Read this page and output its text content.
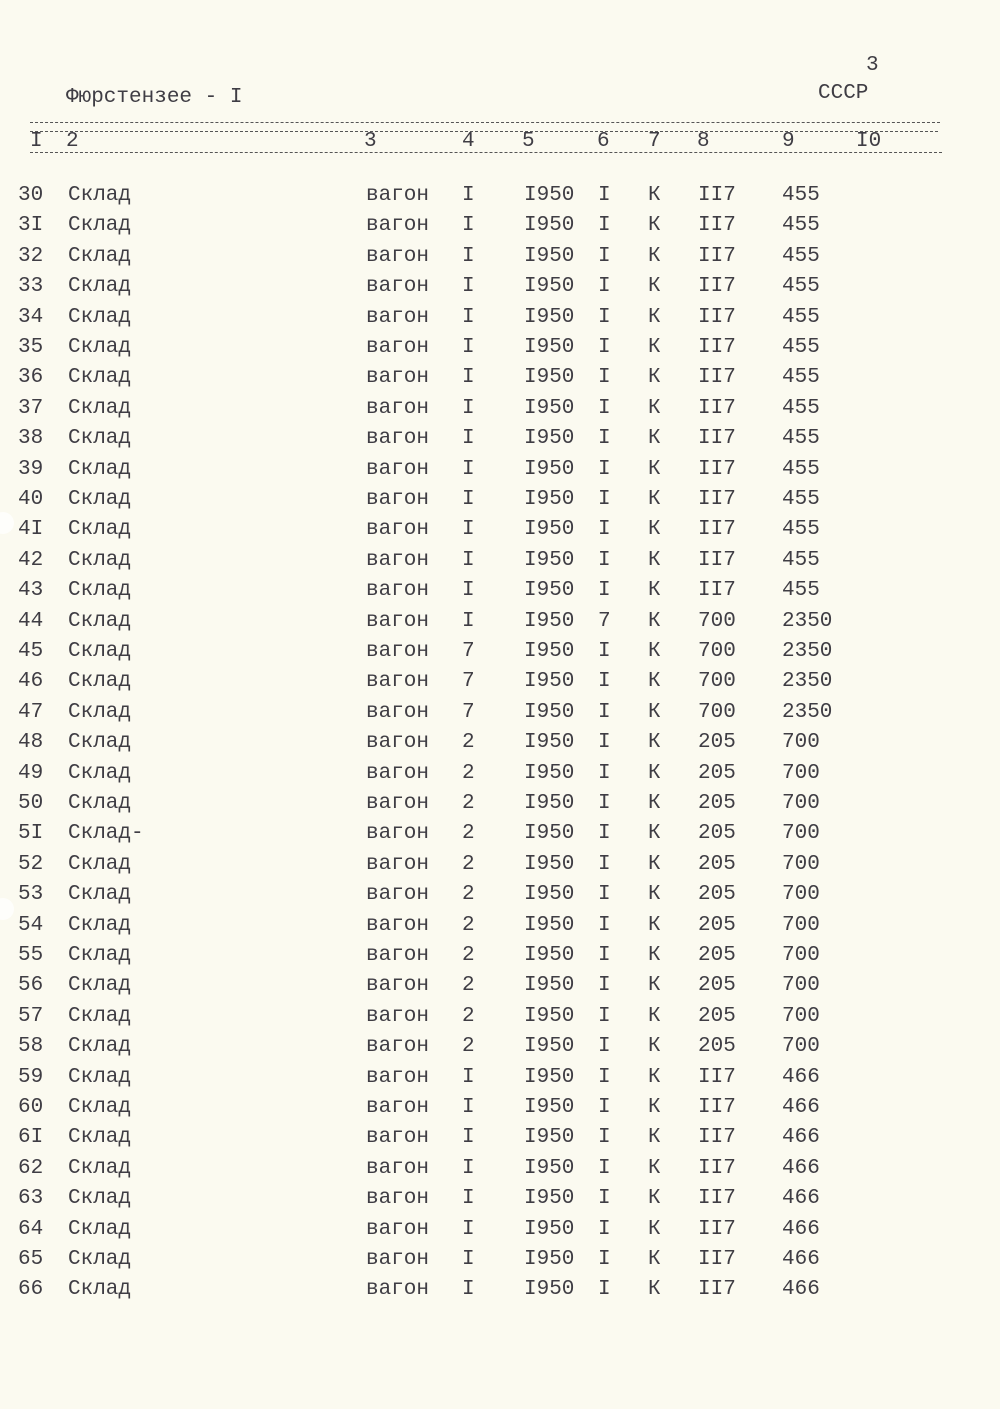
3
Фюрстензее - I	СССР
I 2	3	4 5	6 7 8	9	I0
30 Склад	вагон I I950 I К II7 455
3I Склад	вагон I I950 I К II7 455
32 Склад	вагон I I950 I К II7 455
33 Склад	вагон I I950 I К II7 455
34 Склад	вагон I I950 I К II7 455
35 Склад	вагон I I950 I К II7 455
36 Склад	вагон I I950 I К II7 455
37 Склад	вагон I I950 I К II7 455
38 Склад	вагон I I950 I К II7 455
39 Склад	вагон I I950 I К II7 455
40 Склад	вагон I I950 I К II7 455
4I Склад	вагон I I950 I К II7 455
42 Склад	вагон I I950 I К II7 455
43 Склад	вагон I I950 I К II7 455
44 Склад	вагон I I950 7 К 700 2350
45 Склад	вагон 7 I950 I К 700 2350
46 Склад	вагон 7 I950 I К 700 2350
47 Склад	вагон 7 I950 I К 700 2350
48 Склад	вагон 2 I950 I К 205 700
49 Склад	вагон 2 I950 I К 205 700
50 Склад	вагон 2 I950 I К 205 700
5I Склад-	вагон 2 I950 I К 205 700
52 Склад	вагон 2 I950 I К 205 700
53 Склад	вагон 2 I950 I К 205 700
54 Склад	вагон 2 I950 I К 205 700
55 Склад	вагон 2 I950 I К 205 700
56 Склад	вагон 2 I950 I К 205 700
57 Склад	вагон 2 I950 I К 205 700
58 Склад	вагон 2 I950 I К 205 700
59 Склад	вагон I I950 I К II7 466
60 Склад	вагон I I950 I К II7 466
6I Склад	вагон I I950 I К II7 466
62 Склад	вагон I I950 I К II7 466
63 Склад	вагон I I950 I К II7 466
64 Склад	вагон I I950 I К II7 466
65 Склад	вагон I I950 I К II7 466
66 Склад	вагон I I950 I К II7 466
